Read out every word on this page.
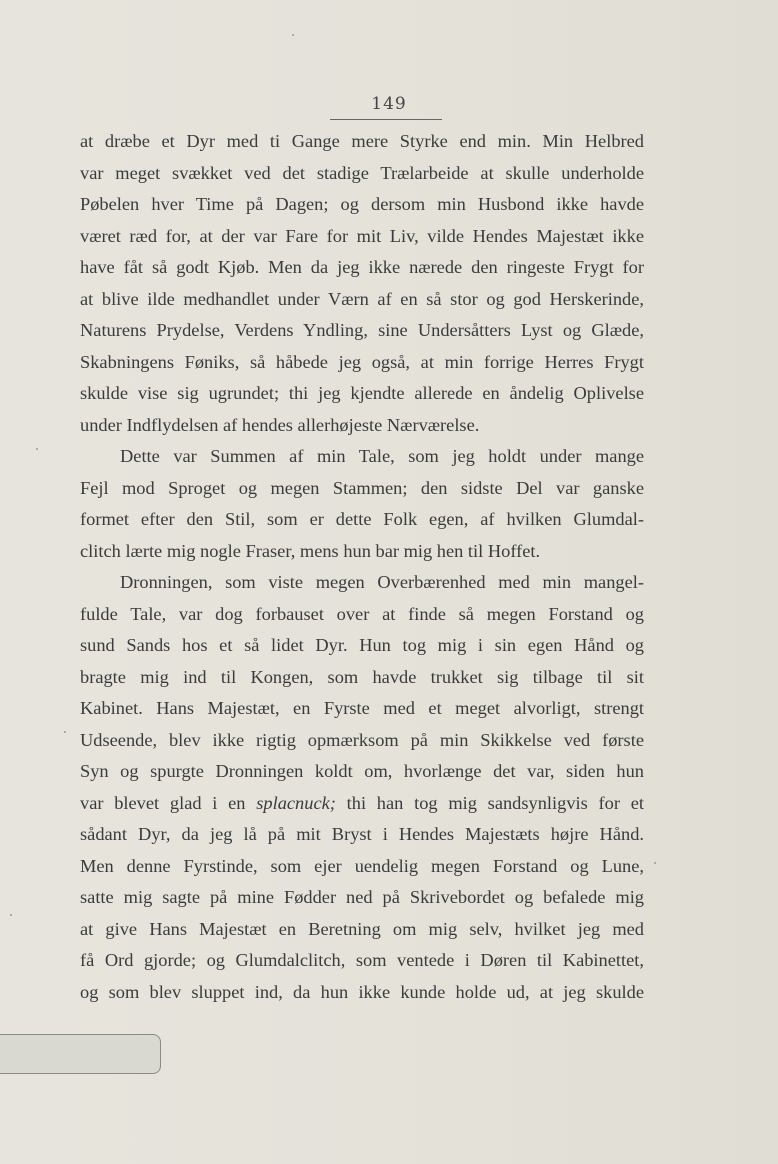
149
at dræbe et Dyr med ti Gange mere Styrke end min. Min Helbred
var meget svækket ved det stadige Trælarbeide at skulle underholde
Pøbelen hver Time på Dagen; og dersom min Husbond ikke havde
været ræd for, at der var Fare for mit Liv, vilde Hendes Majestæt ikke
have fåt så godt Kjøb. Men da jeg ikke nærede den ringeste Frygt for
at blive ilde medhandlet under Værn af en så stor og god Herskerinde,
Naturens Prydelse, Verdens Yndling, sine Undersåtters Lyst og Glæde,
Skabningens Føniks, så håbede jeg også, at min forrige Herres Frygt
skulde vise sig ugrundet; thi jeg kjendte allerede en åndelig Oplivelse
under Indflydelsen af hendes allerhøjeste Nærværelse.
Dette var Summen af min Tale, som jeg holdt under mange
Fejl mod Sproget og megen Stammen; den sidste Del var ganske
formet efter den Stil, som er dette Folk egen, af hvilken Glumdal-
clitch lærte mig nogle Fraser, mens hun bar mig hen til Hoffet.
Dronningen, som viste megen Overbærenhed med min mangel-
fulde Tale, var dog forbauset over at finde så megen Forstand og
sund Sands hos et så lidet Dyr. Hun tog mig i sin egen Hånd og
bragte mig ind til Kongen, som havde trukket sig tilbage til sit
Kabinet. Hans Majestæt, en Fyrste med et meget alvorligt, strengt
Udseende, blev ikke rigtig opmærksom på min Skikkelse ved første
Syn og spurgte Dronningen koldt om, hvorlænge det var, siden hun
var blevet glad i en splacnuck; thi han tog mig sandsynligvis for et
sådant Dyr, da jeg lå på mit Bryst i Hendes Majestæts højre Hånd.
Men denne Fyrstinde, som ejer uendelig megen Forstand og Lune,
satte mig sagte på mine Fødder ned på Skrivebordet og befalede mig
at give Hans Majestæt en Beretning om mig selv, hvilket jeg med
få Ord gjorde; og Glumdalclitch, som ventede i Døren til Kabinettet,
og som blev sluppet ind, da hun ikke kunde holde ud, at jeg skulde
